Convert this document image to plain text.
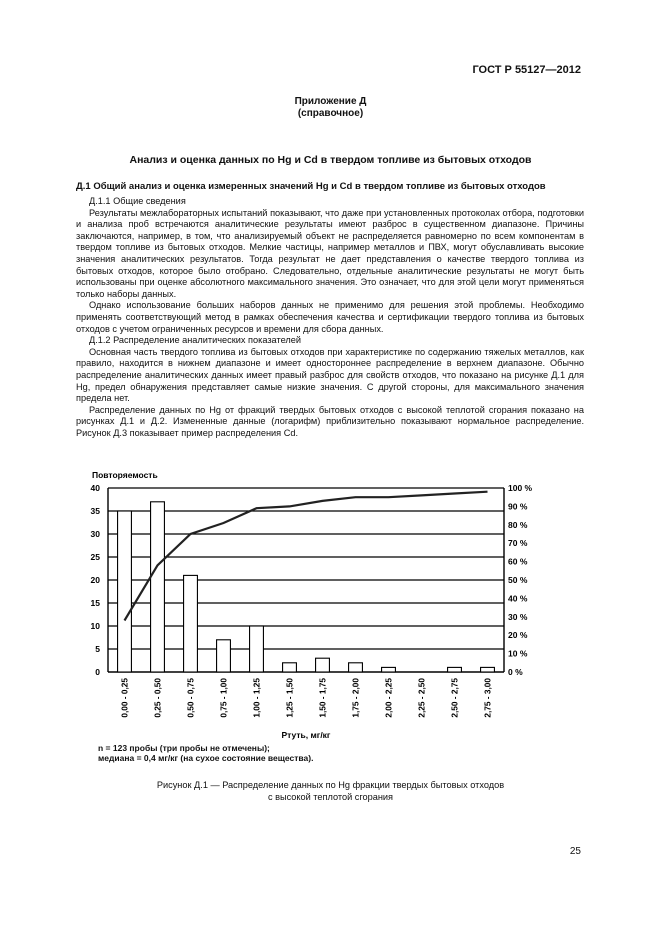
ГОСТ Р 55127—2012
Приложение Д
(справочное)
Анализ и оценка данных по Hg и Cd в твердом топливе из бытовых отходов
Д.1 Общий анализ и оценка измеренных значений Hg и Cd в твердом топливе из бытовых отходов

Д.1.1 Общие сведения

Результаты межлабораторных испытаний показывают, что даже при установленных протоколах отбора, подготовки и анализа проб встречаются аналитические результаты имеют разброс в существенном диапазоне. Причины заключаются, например, в том, что анализируемый объект не распределяется равномерно по всем компонентам в твердом топливе из бытовых отходов. Мелкие частицы, например металлов и ПВХ, могут обуславливать высокие значения аналитических результатов. Тогда результат не дает представления о качестве твердого топлива из бытовых отходов, которое было отобрано. Следовательно, отдельные аналитические результаты не могут быть использованы при оценке абсолютного максимального значения. Это означает, что для этой цели могут применяться только наборы данных.

Однако использование больших наборов данных не применимо для решения этой проблемы. Необходимо применять соответствующий метод в рамках обеспечения качества и сертификации твердого топлива из бытовых отходов с учетом ограниченных ресурсов и времени для сбора данных.

Д.1.2 Распределение аналитических показателей

Основная часть твердого топлива из бытовых отходов при характеристике по содержанию тяжелых металлов, как правило, находится в нижнем диапазоне и имеет одностороннее распределение в верхнем диапазоне. Обычно распределение аналитических данных имеет правый разброс для свойств отходов, что показано на рисунке Д.1 для Hg, предел обнаружения представляет самые низкие значения. С другой стороны, для максимального значения предела нет.

Распределение данных по Hg от фракций твердых бытовых отходов с высокой теплотой сгорания показано на рисунках Д.1 и Д.2. Измененные данные (логарифм) приблизительно показывают нормальное распределение. Рисунок Д.3 показывает пример распределения Cd.

Повторяемость
0
5
10
15
20
25
30
35
40
0 %
10 %
20 %
30 %
40 %
50 %
60 %
70 %
80 %
90 %
100 %
0,00 - 0,25	0,25 - 0,50	0,50 - 0,75	0,75 - 1,00	1,00 - 1,25	1,25 - 1,50	1,50 - 1,75	1,75 - 2,00	2,00 - 2,25	2,25 - 2,50	2,50 - 2,75	2,75 - 3,00
Ртуть, мг/кг
n = 123 пробы (три пробы не отмечены);
медиана = 0,4 мг/кг (на сухое состояние вещества).
Рисунок Д.1 — Распределение данных по Hg фракции твердых бытовых отходов
с высокой теплотой сгорания
25
